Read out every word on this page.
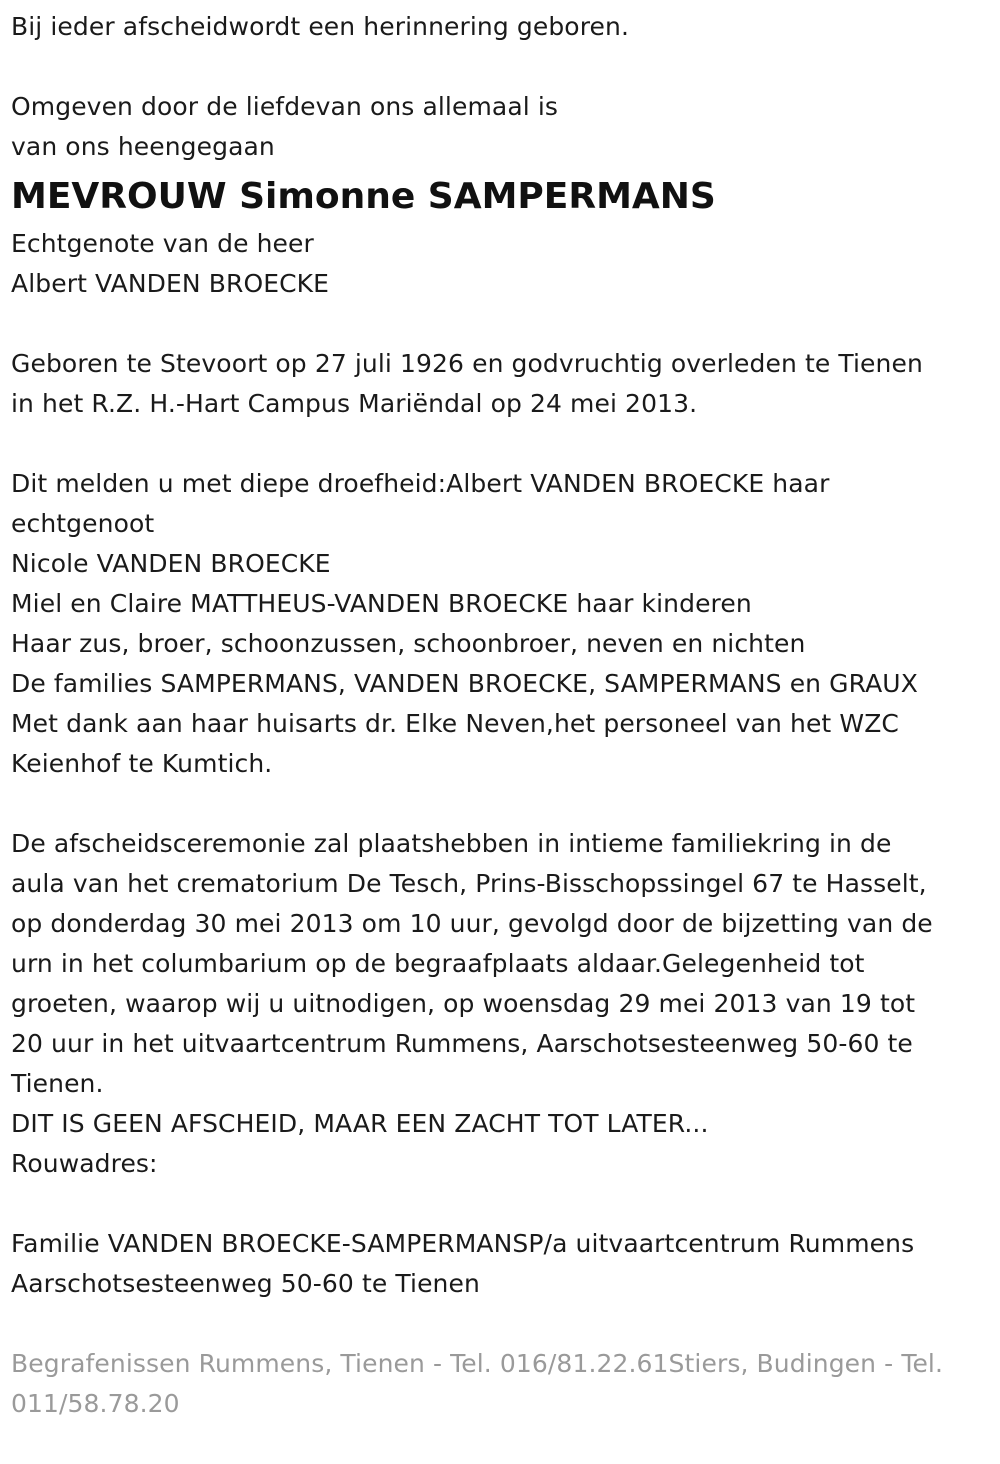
Bij ieder afscheidwordt een herinnering geboren.
Omgeven door de liefdevan ons allemaal is
van ons heengegaan
MEVROUW Simonne SAMPERMANS
Echtgenote van de heer
Albert VANDEN BROECKE
Geboren te Stevoort op 27 juli 1926 en godvruchtig overleden te Tienen
in het R.Z. H.-Hart Campus Mariëndal op 24 mei 2013.
Dit melden u met diepe droefheid:Albert VANDEN BROECKE haar
echtgenoot
Nicole VANDEN BROECKE
Miel en Claire MATTHEUS-VANDEN BROECKE haar kinderen
Haar zus, broer, schoonzussen, schoonbroer, neven en nichten
De families SAMPERMANS, VANDEN BROECKE, SAMPERMANS en GRAUX
Met dank aan haar huisarts dr. Elke Neven,het personeel van het WZC
Keienhof te Kumtich.
De afscheidsceremonie zal plaatshebben in intieme familiekring in de
aula van het crematorium De Tesch, Prins-Bisschopssingel 67 te Hasselt,
op donderdag 30 mei 2013 om 10 uur, gevolgd door de bijzetting van de
urn in het columbarium op de begraafplaats aldaar.Gelegenheid tot
groeten, waarop wij u uitnodigen, op woensdag 29 mei 2013 van 19 tot
20 uur in het uitvaartcentrum Rummens, Aarschotsesteenweg 50-60 te
Tienen.
DIT IS GEEN AFSCHEID, MAAR EEN ZACHT TOT LATER...
Rouwadres:
Familie VANDEN BROECKE-SAMPERMANSP/a uitvaartcentrum Rummens
Aarschotsesteenweg 50-60 te Tienen
Begrafenissen Rummens, Tienen - Tel. 016/81.22.61Stiers, Budingen - Tel.
011/58.78.20
